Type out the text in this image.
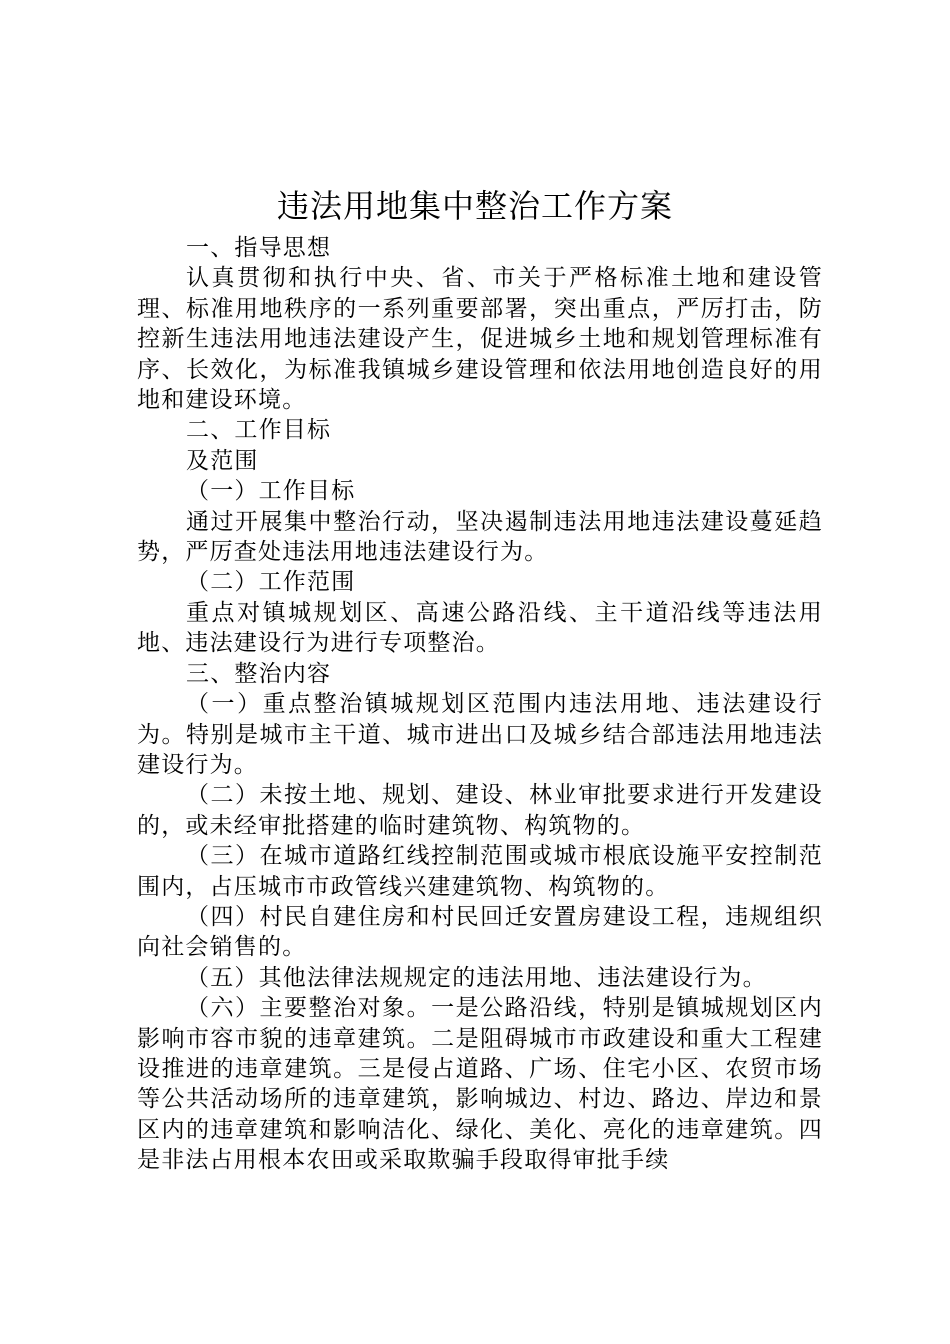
违法用地集中整治工作方案

一、指导思想

认真贯彻和执行中央、省、市关于严格标准土地和建设管理、标准用地秩序的一系列重要部署，突出重点，严厉打击，防控新生违法用地违法建设产生，促进城乡土地和规划管理标准有序、长效化，为标准我镇城乡建设管理和依法用地创造良好的用地和建设环境。

二、工作目标

及范围

（一）工作目标

通过开展集中整治行动，坚决遏制违法用地违法建设蔓延趋势，严厉查处违法用地违法建设行为。

（二）工作范围

重点对镇城规划区、高速公路沿线、主干道沿线等违法用地、违法建设行为进行专项整治。

三、整治内容

（一）重点整治镇城规划区范围内违法用地、违法建设行为。特别是城市主干道、城市进出口及城乡结合部违法用地违法建设行为。

（二）未按土地、规划、建设、林业审批要求进行开发建设的，或未经审批搭建的临时建筑物、构筑物的。

（三）在城市道路红线控制范围或城市根底设施平安控制范围内，占压城市市政管线兴建建筑物、构筑物的。

（四）村民自建住房和村民回迁安置房建设工程，违规组织向社会销售的。

（五）其他法律法规规定的违法用地、违法建设行为。

（六）主要整治对象。一是公路沿线，特别是镇城规划区内影响市容市貌的违章建筑。二是阻碍城市市政建设和重大工程建设推进的违章建筑。三是侵占道路、广场、住宅小区、农贸市场等公共活动场所的违章建筑，影响城边、村边、路边、岸边和景区内的违章建筑和影响洁化、绿化、美化、亮化的违章建筑。四是非法占用根本农田或采取欺骗手段取得审批手续
